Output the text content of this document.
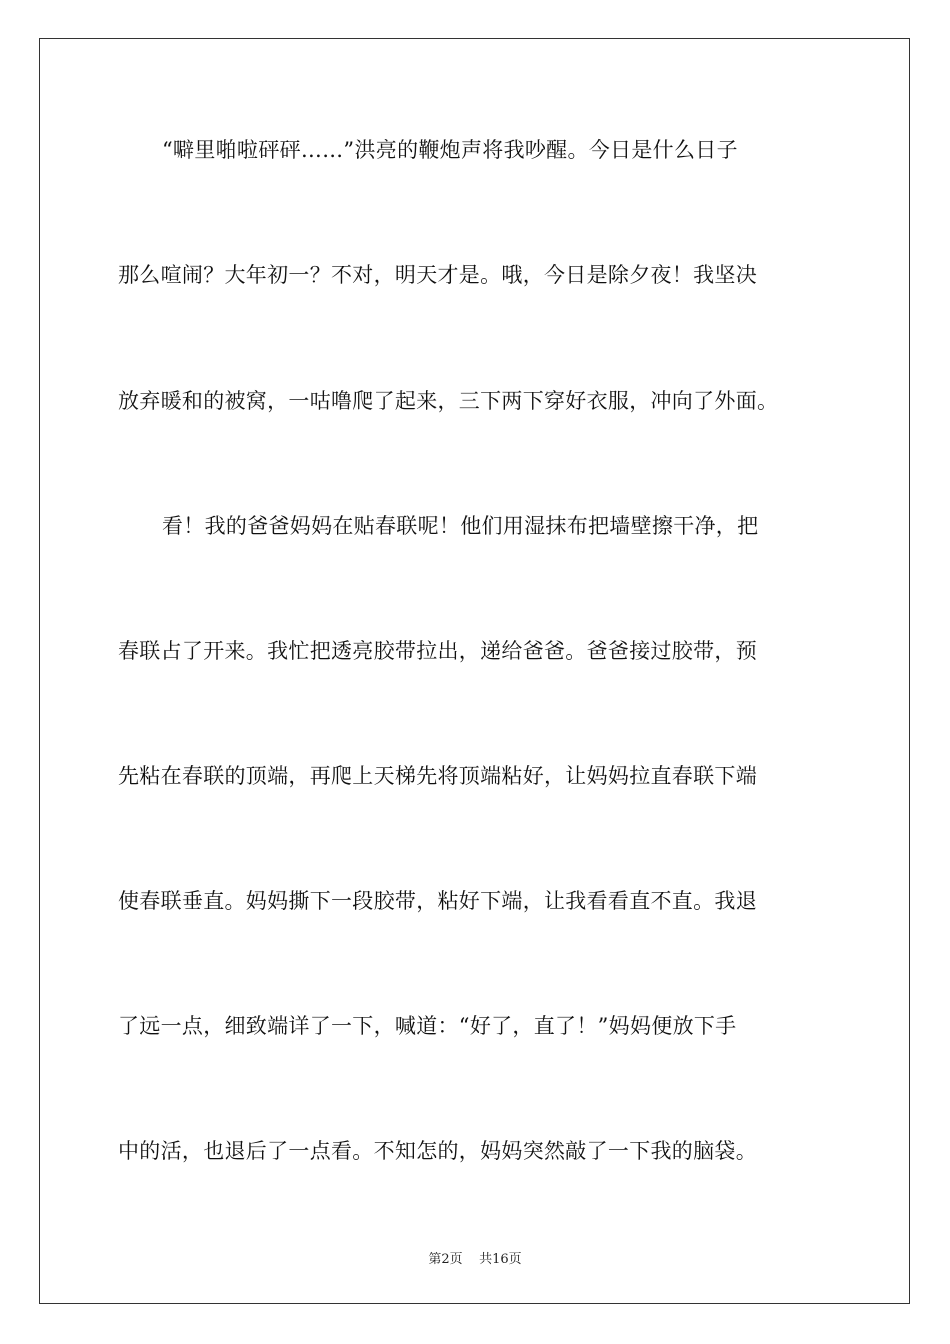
“噼里啪啦砰砰……”洪亮的鞭炮声将我吵醒。今日是什么日子
那么喧闹？大年初一？不对，明天才是。哦，今日是除夕夜！我坚决
放弃暖和的被窝，一咕噜爬了起来，三下两下穿好衣服，冲向了外面。
看！我的爸爸妈妈在贴春联呢！他们用湿抹布把墙壁擦干净，把
春联占了开来。我忙把透亮胶带拉出，递给爸爸。爸爸接过胶带，预
先粘在春联的顶端，再爬上天梯先将顶端粘好，让妈妈拉直春联下端
使春联垂直。妈妈撕下一段胶带，粘好下端，让我看看直不直。我退
了远一点，细致端详了一下，喊道：“好了，直了！”妈妈便放下手
中的活，也退后了一点看。不知怎的，妈妈突然敲了一下我的脑袋。
第2页 共16页
